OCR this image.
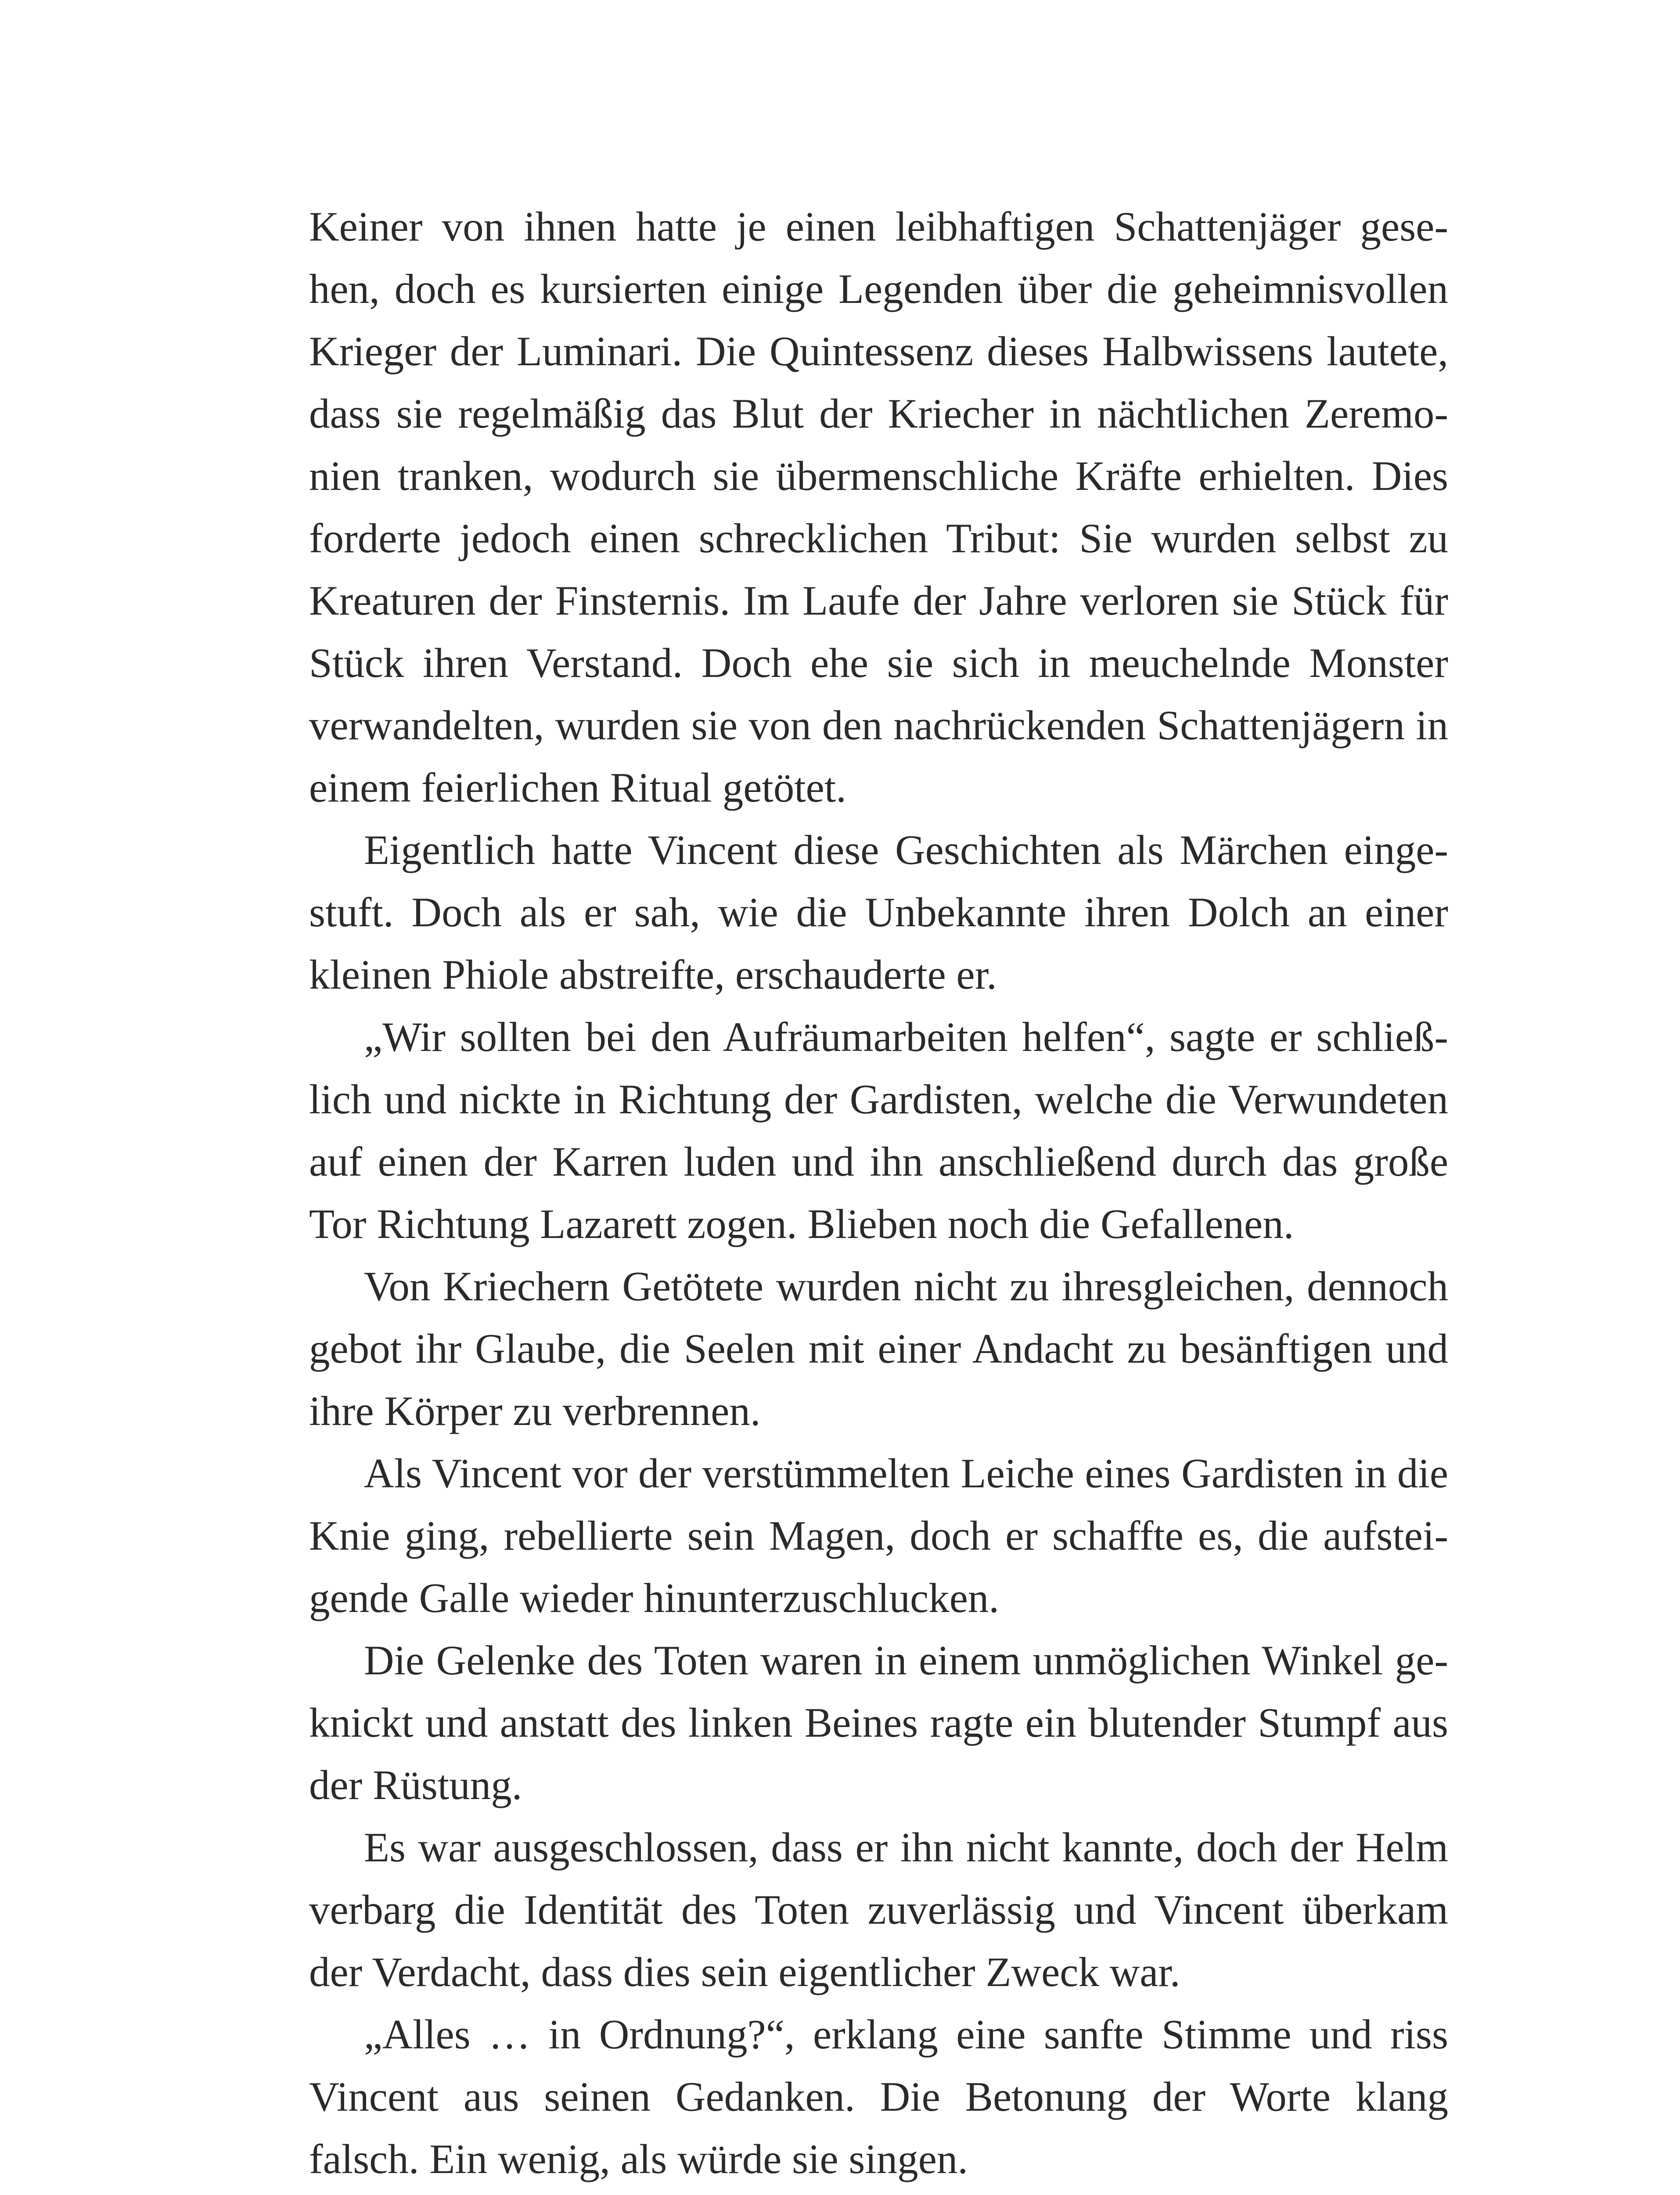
Keiner von ihnen hatte je einen leibhaftigen Schattenjäger gese-
hen, doch es kursierten einige Legenden über die geheimnisvollen
Krieger der Luminari. Die Quintessenz dieses Halbwissens lautete,
dass sie regelmäßig das Blut der Kriecher in nächtlichen Zeremo-
nien tranken, wodurch sie übermenschliche Kräfte erhielten. Dies
forderte jedoch einen schrecklichen Tribut: Sie wurden selbst zu
Kreaturen der Finsternis. Im Laufe der Jahre verloren sie Stück für
Stück ihren Verstand. Doch ehe sie sich in meuchelnde Monster
verwandelten, wurden sie von den nachrückenden Schattenjägern in
einem feierlichen Ritual getötet.
Eigentlich hatte Vincent diese Geschichten als Märchen einge-
stuft. Doch als er sah, wie die Unbekannte ihren Dolch an einer
kleinen Phiole abstreifte, erschauderte er.
„Wir sollten bei den Aufräumarbeiten helfen“, sagte er schließ-
lich und nickte in Richtung der Gardisten, welche die Verwundeten
auf einen der Karren luden und ihn anschließend durch das große
Tor Richtung Lazarett zogen. Blieben noch die Gefallenen.
Von Kriechern Getötete wurden nicht zu ihresgleichen, dennoch
gebot ihr Glaube, die Seelen mit einer Andacht zu besänftigen und
ihre Körper zu verbrennen.
Als Vincent vor der verstümmelten Leiche eines Gardisten in die
Knie ging, rebellierte sein Magen, doch er schaffte es, die aufstei-
gende Galle wieder hinunterzuschlucken.
Die Gelenke des Toten waren in einem unmöglichen Winkel ge-
knickt und anstatt des linken Beines ragte ein blutender Stumpf aus
der Rüstung.
Es war ausgeschlossen, dass er ihn nicht kannte, doch der Helm
verbarg die Identität des Toten zuverlässig und Vincent überkam
der Verdacht, dass dies sein eigentlicher Zweck war.
„Alles … in Ordnung?“, erklang eine sanfte Stimme und riss
Vincent aus seinen Gedanken. Die Betonung der Worte klang
falsch. Ein wenig, als würde sie singen.
